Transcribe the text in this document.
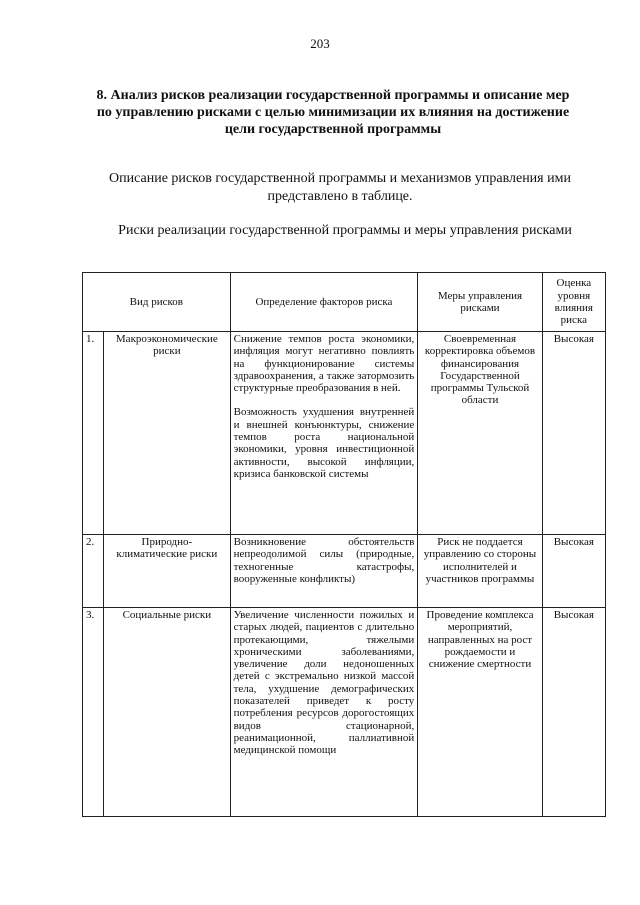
203
8. Анализ рисков реализации государственной программы и описание мер по управлению рисками с целью минимизации их влияния на достижение цели государственной программы
Описание рисков государственной программы и механизмов управления ими представлено в таблице.
Риски реализации государственной программы и меры управления рисками
Вид рисков		Определение факторов риска	Меры управления рисками	Оценка уровня влияния риска
1.	Макроэкономические риски	Снижение темпов роста экономики, инфляция могут негативно повлиять на функционирование системы здравоохранения, а также затормозить структурные преобразования в ней.

Возможность ухудшения внутренней и внешней конъюнктуры, снижение темпов роста национальной экономики, уровня инвестиционной активности, высокой инфляции, кризиса банковской системы	Своевременная корректировка объемов финансирования Государственной программы Тульской области	Высокая
2.	Природно-климатические риски	Возникновение обстоятельств непреодолимой силы (природные, техногенные катастрофы, вооруженные конфликты)	Риск не поддается управлению со стороны исполнителей и участников программы	Высокая
3.	Социальные риски	Увеличение численности пожилых и старых людей, пациентов с длительно протекающими, тяжелыми хроническими заболеваниями, увеличение доли недоношенных детей с экстремально низкой массой тела, ухудшение демографических показателей приведет к росту потребления ресурсов дорогостоящих видов стационарной, реанимационной, паллиативной медицинской помощи	Проведение комплекса мероприятий, направленных на рост рождаемости и снижение смертности	Высокая
